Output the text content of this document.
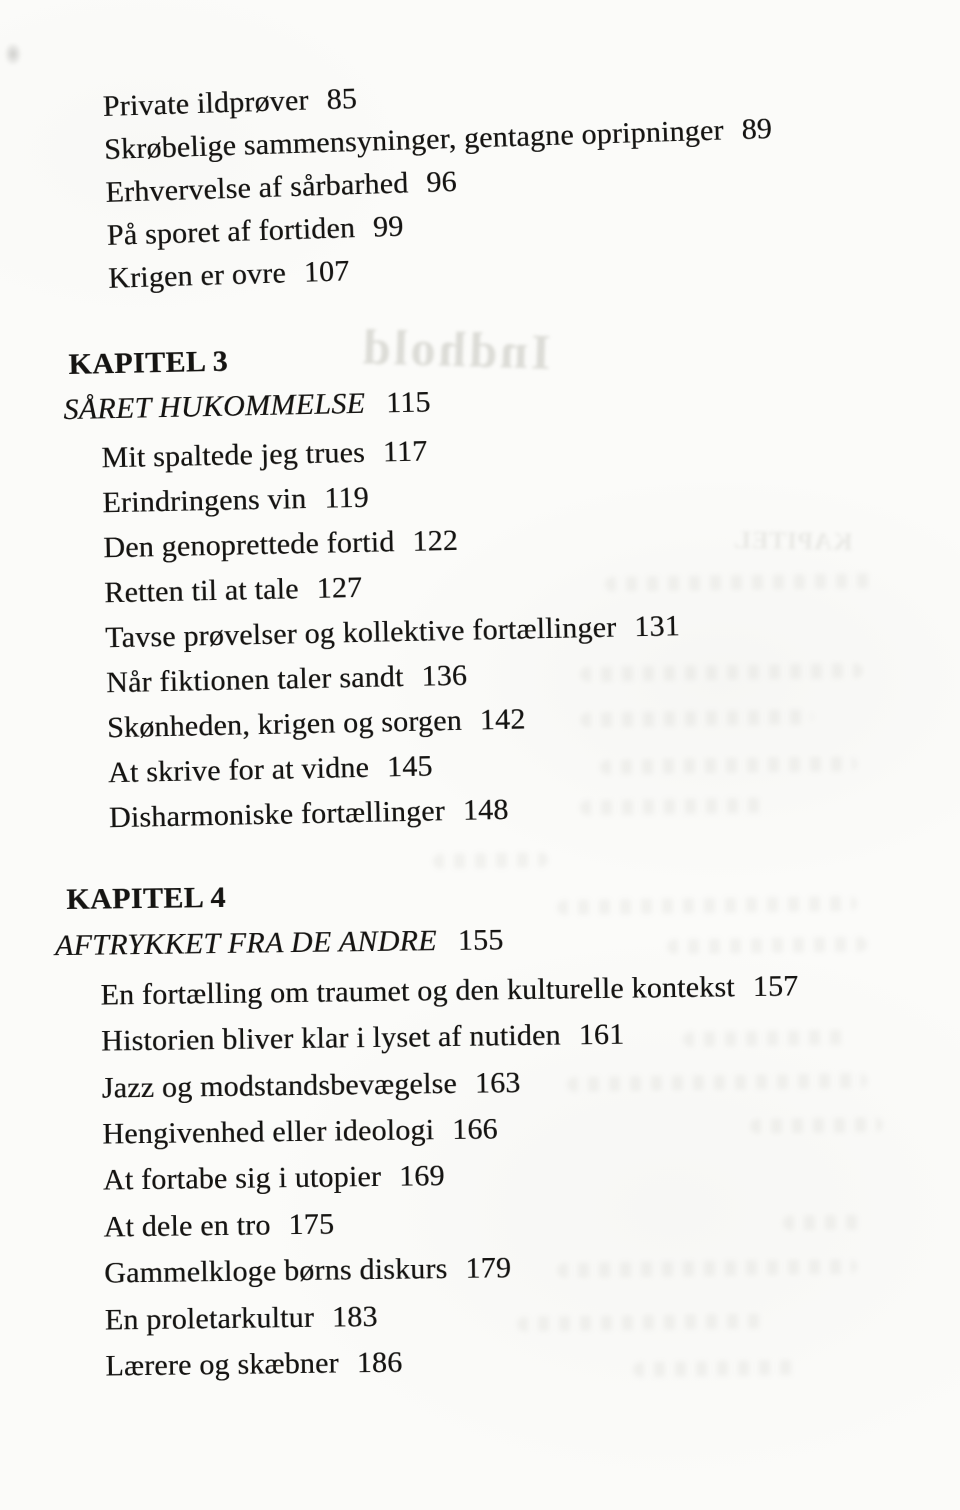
Indhold
KAPITEL
Private ildprøver 85
Skrøbelige sammensyninger, gentagne opripninger 89
Erhvervelse af sårbarhed 96
På sporet af fortiden 99
Krigen er ovre 107
KAPITEL 3
SÅRET HUKOMMELSE 115
Mit spaltede jeg trues 117
Erindringens vin 119
Den genoprettede fortid 122
Retten til at tale 127
Tavse prøvelser og kollektive fortællinger 131
Når fiktionen taler sandt 136
Skønheden, krigen og sorgen 142
At skrive for at vidne 145
Disharmoniske fortællinger 148
KAPITEL 4
AFTRYKKET FRA DE ANDRE 155
En fortælling om traumet og den kulturelle kontekst 157
Historien bliver klar i lyset af nutiden 161
Jazz og modstandsbevægelse 163
Hengivenhed eller ideologi 166
At fortabe sig i utopier 169
At dele en tro 175
Gammelkloge børns diskurs 179
En proletarkultur 183
Lærere og skæbner 186
